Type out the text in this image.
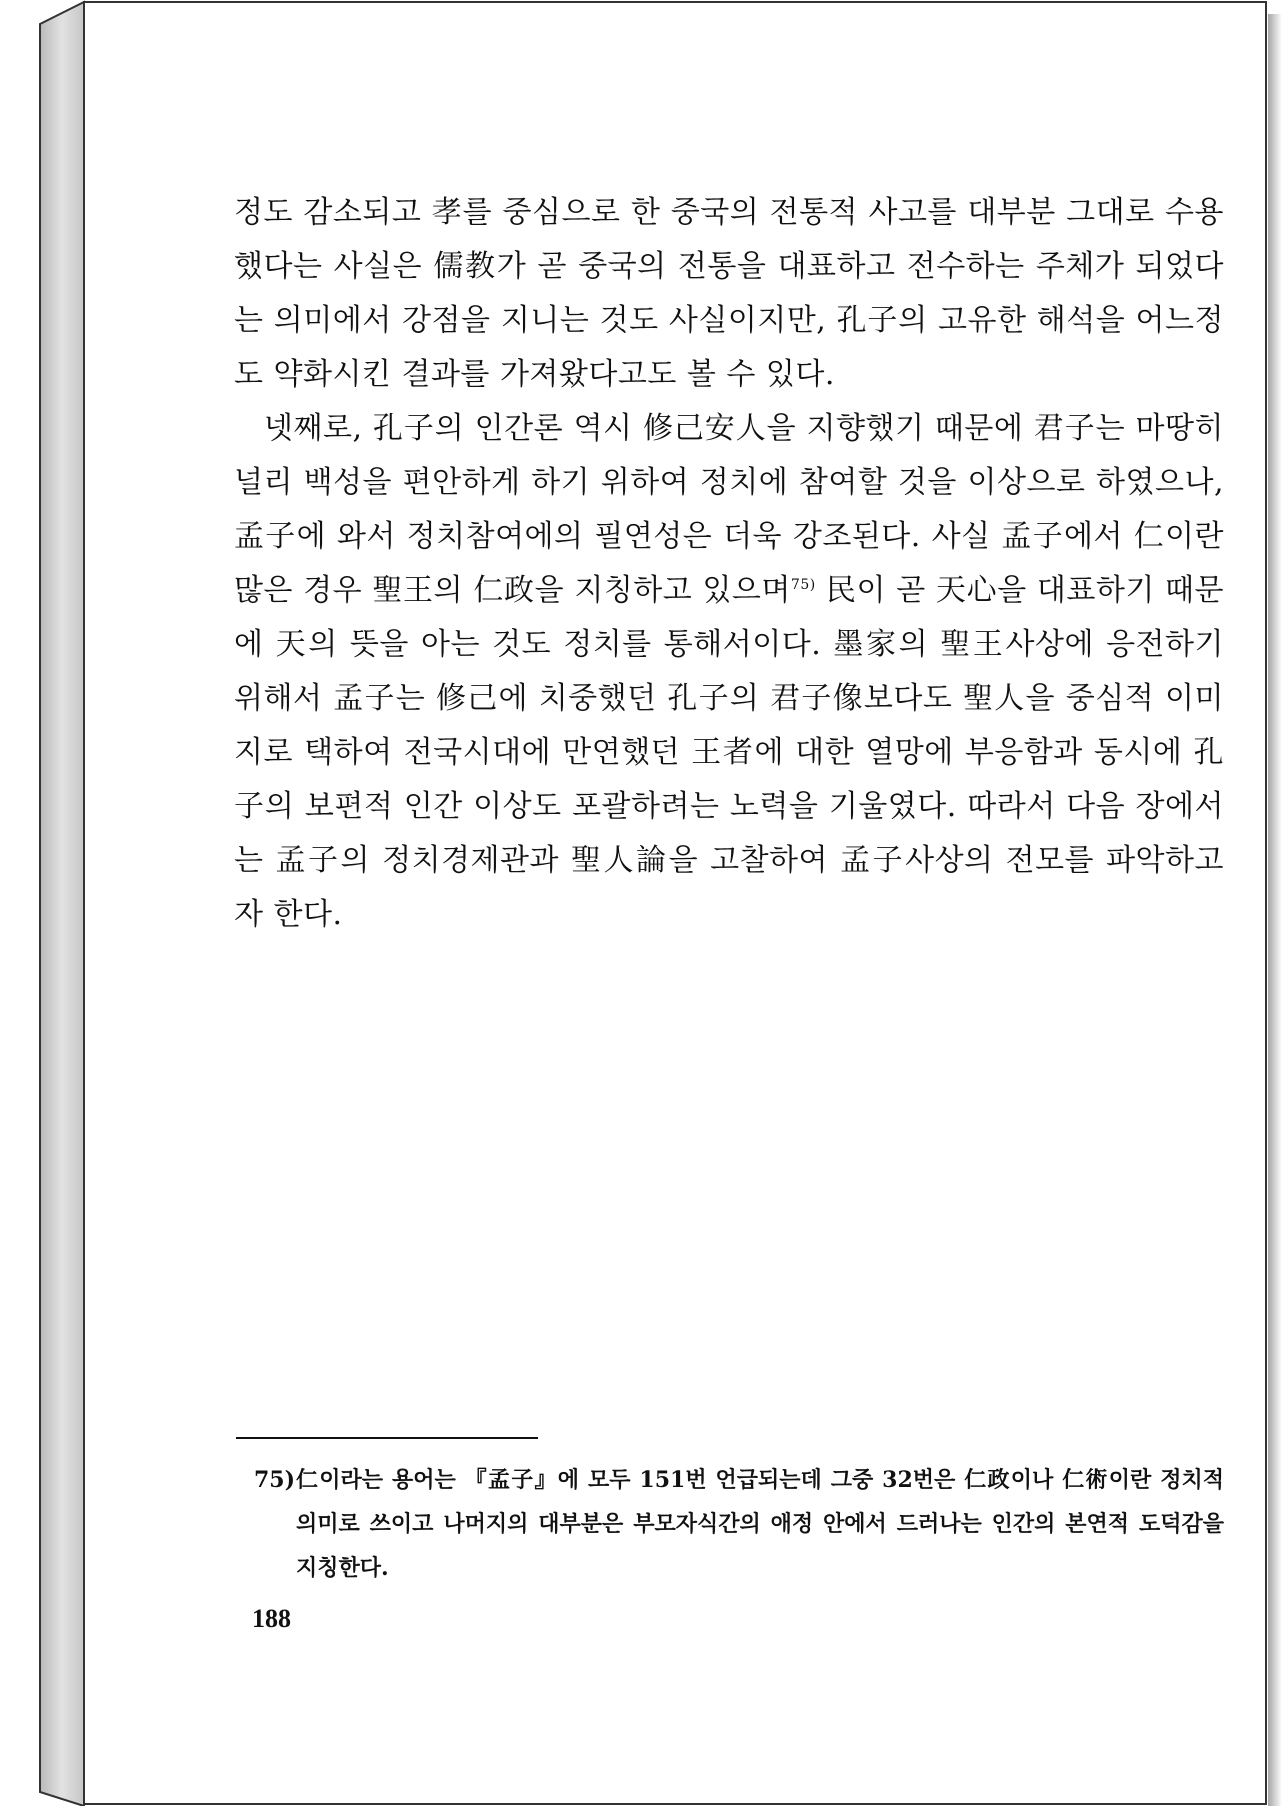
정도 감소되고 孝를 중심으로 한 중국의 전통적 사고를 대부분 그대로 수용했다는 사실은 儒教가 곧 중국의 전통을 대표하고 전수하는 주체가 되었다는 의미에서 강점을 지니는 것도 사실이지만, 孔子의 고유한 해석을 어느정도 약화시킨 결과를 가져왔다고도 볼 수 있다.

넷째로, 孔子의 인간론 역시 修己安人을 지향했기 때문에 君子는 마땅히 널리 백성을 편안하게 하기 위하여 정치에 참여할 것을 이상으로 하였으나, 孟子에 와서 정치참여에의 필연성은 더욱 강조된다. 사실 孟子에서 仁이란 많은 경우 聖王의 仁政을 지칭하고 있으며$^{75)}$ 民이 곧 天心을 대표하기 때문에 天의 뜻을 아는 것도 정치를 통해서이다. 墨家의 聖王사상에 응전하기 위해서 孟子는 修己에 치중했던 孔子의 君子像보다도 聖人을 중심적 이미지로 택하여 전국시대에 만연했던 王者에 대한 열망에 부응함과 동시에 孔子의 보편적 인간 이상도 포괄하려는 노력을 기울였다. 따라서 다음 장에서는 孟子의 정치경제관과 聖人論을 고찰하여 孟子사상의 전모를 파악하고자 한다.

75) 仁이라는 용어는 『孟子』에 모두 151번 언급되는데 그중 32번은 仁政이나 仁術이란 정치적 의미로 쓰이고 나머지의 대부분은 부모자식간의 애정 안에서 드러나는 인간의 본연적 도덕감을 지칭한다.
188
